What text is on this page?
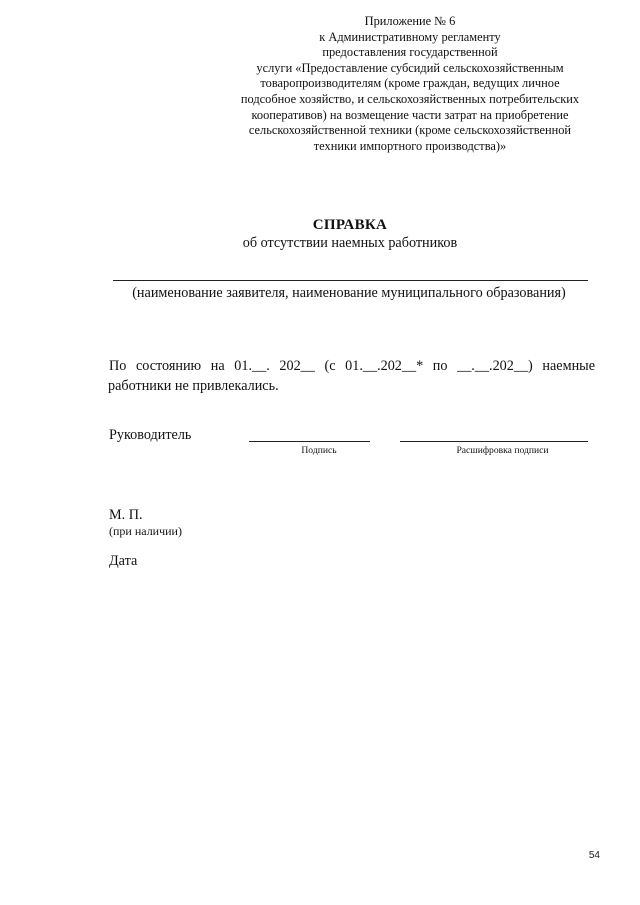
Приложение № 6
к Административному регламенту
предоставления государственной
услуги «Предоставление субсидий сельскохозяйственным
товаропроизводителям (кроме граждан, ведущих личное
подсобное хозяйство, и сельскохозяйственных потребительских
кооперативов) на возмещение части затрат на приобретение
сельскохозяйственной техники (кроме сельскохозяйственной
техники импортного производства)»
СПРАВКА
об отсутствии наемных работников
(наименование заявителя, наименование муниципального образования)
По состоянию на 01.__. 202__ (с 01.__.202__* по __.__.202__) наемные
работники не привлекались.
Руководитель
Подпись	Расшифровка подписи
М. П.
(при наличии)
Дата
54
